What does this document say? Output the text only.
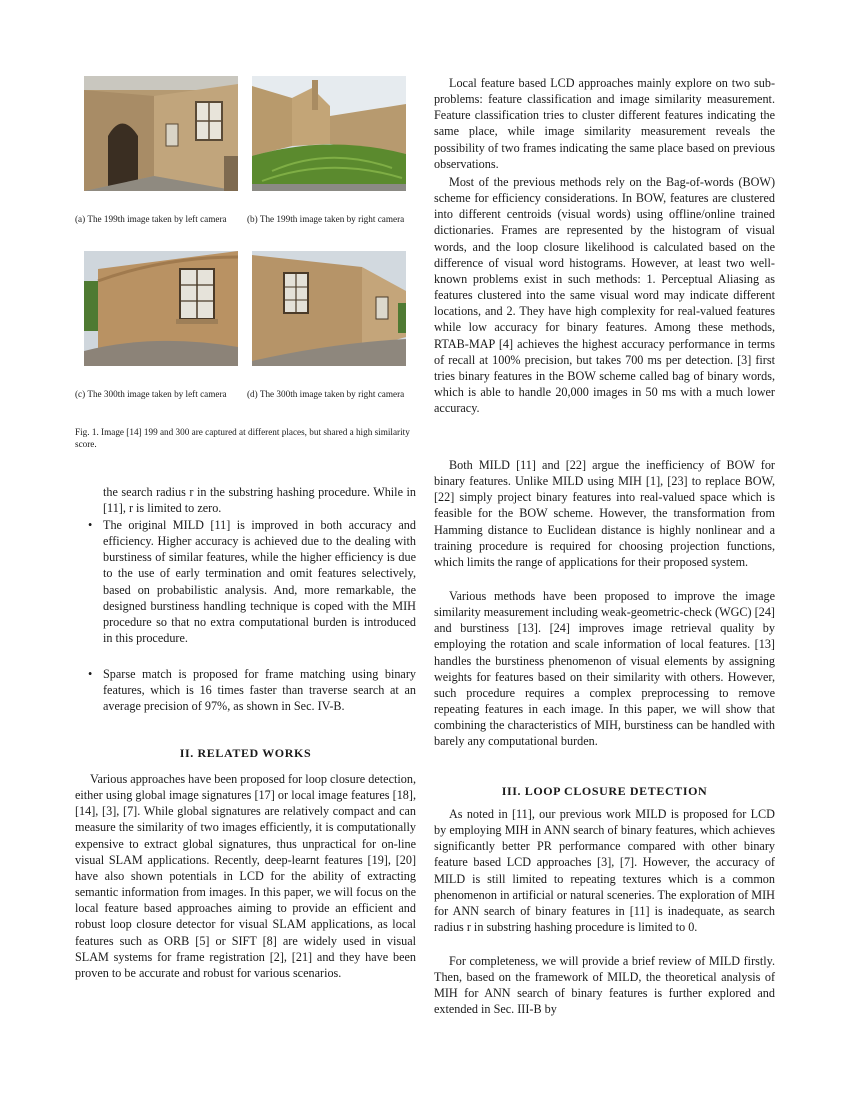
(a) The 199th image taken by left camera	(b) The 199th image taken by right camera
(c) The 300th image taken by left camera	(d) The 300th image taken by right camera
Fig. 1. Image [14] 199 and 300 are captured at different places, but shared a high similarity score.
the search radius r in the substring hashing procedure. While in [11], r is limited to zero.
• The original MILD [11] is improved in both accuracy and efficiency. Higher accuracy is achieved due to the dealing with burstiness of similar features, while the higher efficiency is due to the use of early termination and omit features selectively, based on probabilistic analysis. And, more remarkable, the designed burstiness handling technique is coped with the MIH procedure so that no extra computational burden is introduced in this procedure.
• Sparse match is proposed for frame matching using binary features, which is 16 times faster than traverse search at an average precision of 97%, as shown in Sec. IV-B.
II. RELATED WORKS

Various approaches have been proposed for loop closure detection, either using global image signatures [17] or local image features [18], [14], [3], [7]. While global signatures are relatively compact and can measure the similarity of two images efficiently, it is computationally expensive to extract global signatures, thus unpractical for on-line visual SLAM applications. Recently, deep-learnt features [19], [20] have also shown potentials in LCD for the ability of extracting semantic information from images. In this paper, we will focus on the local feature based approaches aiming to provide an efficient and robust loop closure detector for visual SLAM applications, as local features such as ORB [5] or SIFT [8] are widely used in visual SLAM systems for frame registration [2], [21] and they have been proven to be accurate and robust for various scenarios.

Local feature based LCD approaches mainly explore on two sub-problems: feature classification and image similarity measurement. Feature classification tries to cluster different features indicating the same place, while image similarity measurement reveals the possibility of two frames indicating the same place based on previous observations.

Most of the previous methods rely on the Bag-of-words (BOW) scheme for efficiency considerations. In BOW, features are clustered into different centroids (visual words) using offline/online trained dictionaries. Frames are represented by the histogram of visual words, and the loop closure likelihood is calculated based on the difference of visual word histograms. However, at least two well-known problems exist in such methods: 1. Perceptual Aliasing as features clustered into the same visual word may indicate different locations, and 2. They have high complexity for real-valued features while low accuracy for binary features. Among these methods, RTAB-MAP [4] achieves the highest accuracy performance in terms of recall at 100% precision, but takes 700 ms per detection. [3] first tries binary features in the BOW scheme called bag of binary words, which is able to handle 20,000 images in 50 ms with a much lower accuracy.

Both MILD [11] and [22] argue the inefficiency of BOW for binary features. Unlike MILD using MIH [1], [23] to replace BOW, [22] simply project binary features into real-valued space which is feasible for the BOW scheme. However, the transformation from Hamming distance to Euclidean distance is highly nonlinear and a training procedure is required for choosing projection functions, which limits the range of applications for their proposed system.

Various methods have been proposed to improve the image similarity measurement including weak-geometric-check (WGC) [24] and burstiness [13]. [24] improves image retrieval quality by employing the rotation and scale information of local features. [13] handles the burstiness phenomenon of visual elements by assigning weights for features based on their similarity with others. However, such procedure requires a complex preprocessing to remove repeating features in each image. In this paper, we will show that combining the characteristics of MIH, burstiness can be handled with barely any computational burden.

III. LOOP CLOSURE DETECTION

As noted in [11], our previous work MILD is proposed for LCD by employing MIH in ANN search of binary features, which achieves significantly better PR performance compared with other binary feature based LCD approaches [3], [7]. However, the accuracy of MILD is still limited to repeating textures which is a common phenomenon in artificial or natural sceneries. The exploration of MIH for ANN search of binary features in [11] is inadequate, as search radius r in substring hashing procedure is limited to 0.

For completeness, we will provide a brief review of MILD firstly. Then, based on the framework of MILD, the theoretical analysis of MIH for ANN search of binary features is further explored and extended in Sec. III-B by
